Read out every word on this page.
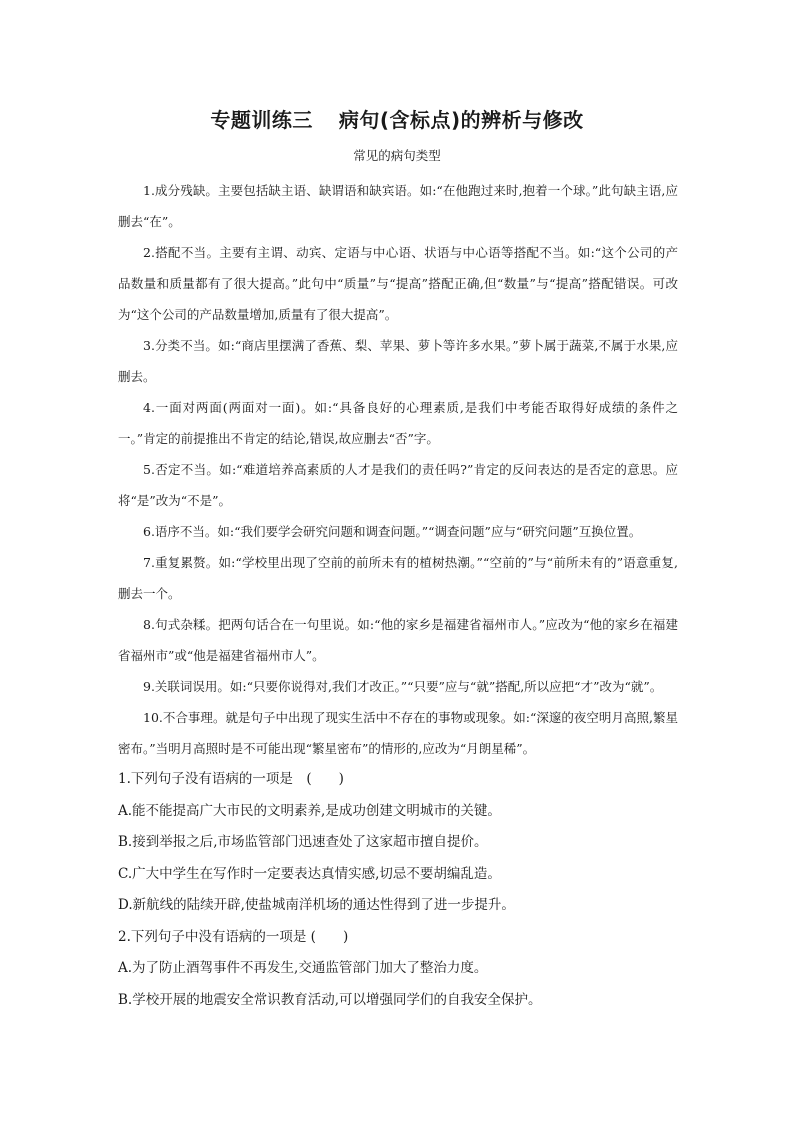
专题训练三 病句(含标点)的辨析与修改
常见的病句类型
1.成分残缺。主要包括缺主语、缺谓语和缺宾语。如:“在他跑过来时,抱着一个球。”此句缺主语,应删去“在”。
2.搭配不当。主要有主谓、动宾、定语与中心语、状语与中心语等搭配不当。如:“这个公司的产品数量和质量都有了很大提高。”此句中“质量”与“提高”搭配正确,但“数量”与“提高”搭配错误。可改为“这个公司的产品数量增加,质量有了很大提高”。
3.分类不当。如:“商店里摆满了香蕉、梨、苹果、萝卜等许多水果。”萝卜属于蔬菜,不属于水果,应删去。
4.一面对两面(两面对一面)。如:“具备良好的心理素质,是我们中考能否取得好成绩的条件之一。”肯定的前提推出不肯定的结论,错误,故应删去“否”字。
5.否定不当。如:“难道培养高素质的人才是我们的责任吗?”肯定的反问表达的是否定的意思。应将“是”改为“不是”。
6.语序不当。如:“我们要学会研究问题和调查问题。”“调查问题”应与“研究问题”互换位置。
7.重复累赘。如:“学校里出现了空前的前所未有的植树热潮。”“空前的”与“前所未有的”语意重复,删去一个。
8.句式杂糅。把两句话合在一句里说。如:“他的家乡是福建省福州市人。”应改为“他的家乡在福建省福州市”或“他是福建省福州市人”。
9.关联词误用。如:“只要你说得对,我们才改正。”“只要”应与“就”搭配,所以应把“才”改为“就”。
10.不合事理。就是句子中出现了现实生活中不存在的事物或现象。如:“深邃的夜空明月高照,繁星密布。”当明月高照时是不可能出现“繁星密布”的情形的,应改为“月朗星稀”。
1.下列句子没有语病的一项是　(　　)
A.能不能提高广大市民的文明素养,是成功创建文明城市的关键。
B.接到举报之后,市场监管部门迅速查处了这家超市擅自提价。
C.广大中学生在写作时一定要表达真情实感,切忌不要胡编乱造。
D.新航线的陆续开辟,使盐城南洋机场的通达性得到了进一步提升。
2.下列句子中没有语病的一项是 (　　)
A.为了防止酒驾事件不再发生,交通监管部门加大了整治力度。
B.学校开展的地震安全常识教育活动,可以增强同学们的自我安全保护。
